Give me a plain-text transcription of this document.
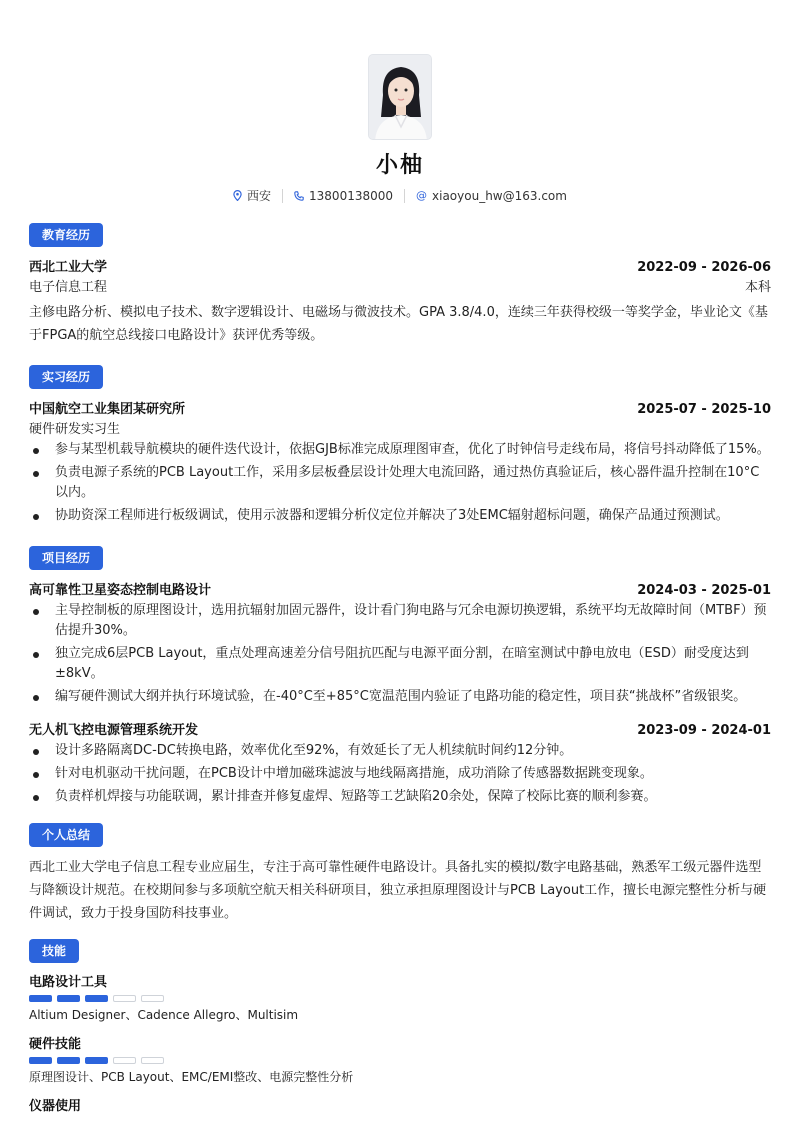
小柚
西安	13800138000 @ xiaoyou_hw@163.com
教育经历
西北工业大学	2022-09 - 2026-06
电子信息工程	本科
主修电路分析、模拟电子技术、数字逻辑设计、电磁场与微波技术。GPA 3.8/4.0，连续三年获得校级一等奖学金，毕业论文《基于FPGA的航空总线接口电路设计》获评优秀等级。
实习经历
中国航空工业集团某研究所	2025-07 - 2025-10
硬件研发实习生
参与某型机载导航模块的硬件迭代设计，依据GJB标准完成原理图审查，优化了时钟信号走线布局，将信号抖动降低了15%。
负责电源子系统的PCB Layout工作，采用多层板叠层设计处理大电流回路，通过热仿真验证后，核心器件温升控制在10°C以内。
协助资深工程师进行板级调试，使用示波器和逻辑分析仪定位并解决了3处EMC辐射超标问题，确保产品通过预测试。
项目经历
高可靠性卫星姿态控制电路设计	2024-03 - 2025-01
主导控制板的原理图设计，选用抗辐射加固元器件，设计看门狗电路与冗余电源切换逻辑，系统平均无故障时间（MTBF）预估提升30%。
独立完成6层PCB Layout，重点处理高速差分信号阻抗匹配与电源平面分割，在暗室测试中静电放电（ESD）耐受度达到±8kV。
编写硬件测试大纲并执行环境试验，在-40°C至+85°C宽温范围内验证了电路功能的稳定性，项目获“挑战杯”省级银奖。
无人机飞控电源管理系统开发	2023-09 - 2024-01
设计多路隔离DC-DC转换电路，效率优化至92%，有效延长了无人机续航时间约12分钟。
针对电机驱动干扰问题，在PCB设计中增加磁珠滤波与地线隔离措施，成功消除了传感器数据跳变现象。
负责样机焊接与功能联调，累计排查并修复虚焊、短路等工艺缺陷20余处，保障了校际比赛的顺利参赛。
个人总结
西北工业大学电子信息工程专业应届生，专注于高可靠性硬件电路设计。具备扎实的模拟/数字电路基础，熟悉军工级元器件选型与降额设计规范。在校期间参与多项航空航天相关科研项目，独立承担原理图设计与PCB Layout工作，擅长电源完整性分析与硬件调试，致力于投身国防科技事业。
技能
电路设计工具
Altium Designer、Cadence Allegro、Multisim
硬件技能
原理图设计、PCB Layout、EMC/EMI整改、电源完整性分析
仪器使用
